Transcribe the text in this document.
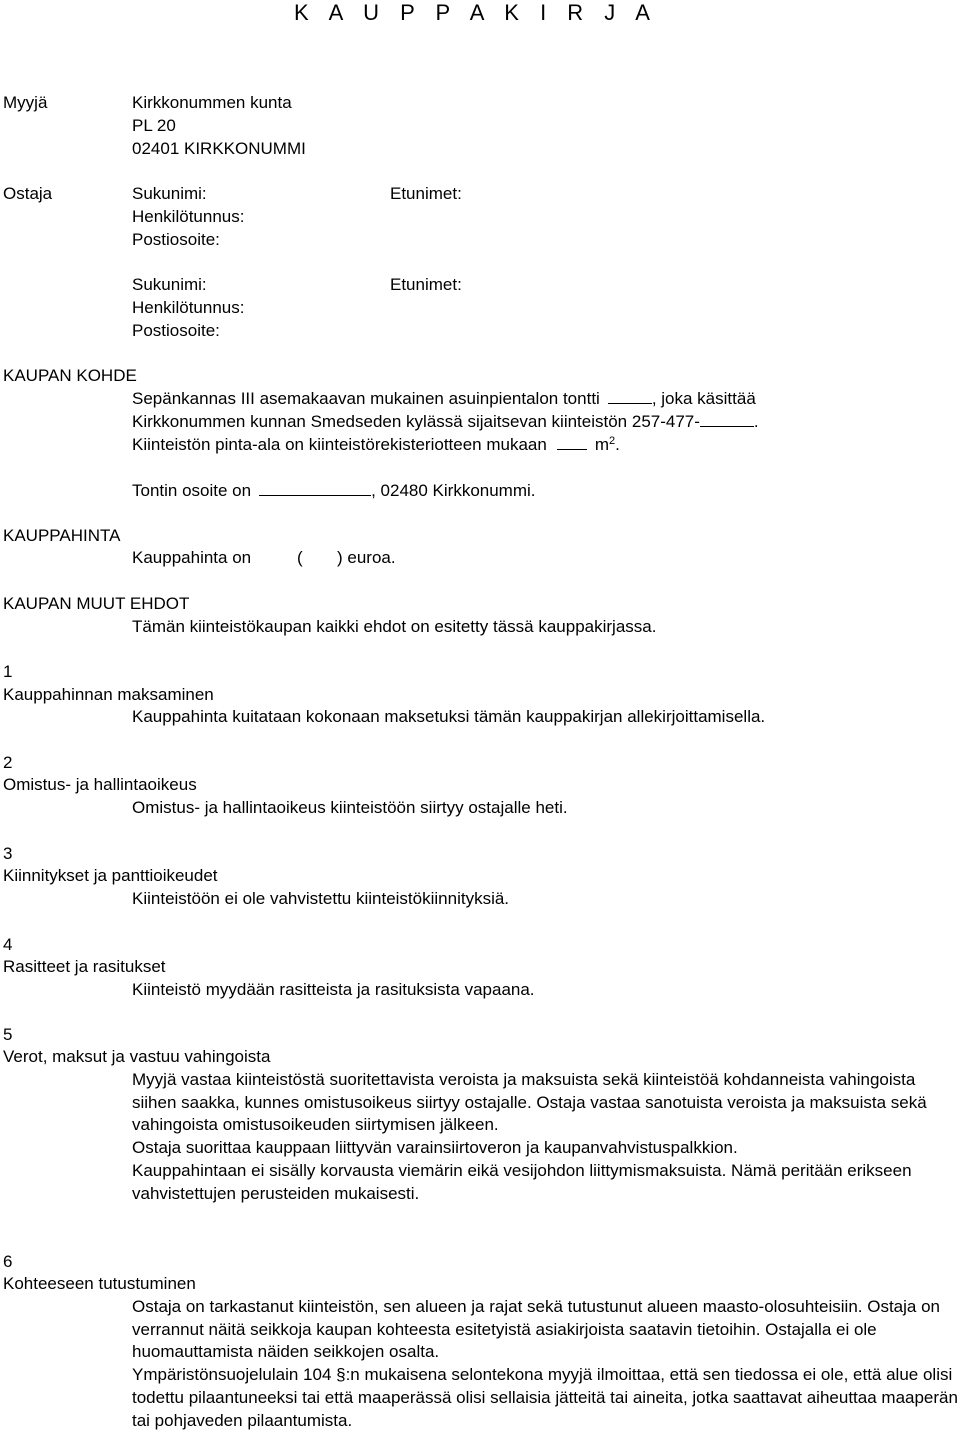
K A U P P A K I R J A
Myyjä	Kirkkonummen kunta
PL 20
02401 KIRKKONUMMI
Ostaja	Sukunimi:	Etunimet:
Henkilötunnus:
Postiosoite:
Sukunimi:	Etunimet:
Henkilötunnus:
Postiosoite:
KAUPAN KOHDE
Sepänkannas III asemakaavan mukainen asuinpientalon tontti	, joka käsittää
Kirkkonummen kunnan Smedseden kylässä sijaitsevan kiinteistön 257-477-	.
Kiinteistön pinta-ala on kiinteistörekisteriotteen mukaan	$m^2$.
Tontin osoite on	, 02480 Kirkkonummi.
KAUPPAHINTA
Kauppahinta on	( ) euroa.
KAUPAN MUUT EHDOT
Tämän kiinteistökaupan kaikki ehdot on esitetty tässä kauppakirjassa.
1
Kauppahinnan maksaminen
Kauppahinta kuitataan kokonaan maksetuksi tämän kauppakirjan allekirjoittamisella.
2
Omistus- ja hallintaoikeus
Omistus- ja hallintaoikeus kiinteistöön siirtyy ostajalle heti.
3
Kiinnitykset ja panttioikeudet
Kiinteistöön ei ole vahvistettu kiinteistökiinnityksiä.
4
Rasitteet ja rasitukset
Kiinteistö myydään rasitteista ja rasituksista vapaana.
5
Verot, maksut ja vastuu vahingoista

Myyjä vastaa kiinteistöstä suoritettavista veroista ja maksuista sekä kiinteistöä kohdanneista vahingoista siihen saakka, kunnes omistusoikeus siirtyy ostajalle. Ostaja vastaa sanotuista veroista ja maksuista sekä vahingoista omistusoikeuden siirtymisen jälkeen.

Ostaja suorittaa kauppaan liittyvän varainsiirtoveron ja kaupanvahvistuspalkkion.

Kauppahintaan ei sisälly korvausta viemärin eikä vesijohdon liittymismaksuista. Nämä peritään erikseen vahvistettujen perusteiden mukaisesti.

6
Kohteeseen tutustuminen

Ostaja on tarkastanut kiinteistön, sen alueen ja rajat sekä tutustunut alueen maasto-olosuhteisiin. Ostaja on verrannut näitä seikkoja kaupan kohteesta esitetyistä asiakirjoista saatavin tietoihin. Ostajalla ei ole huomauttamista näiden seikkojen osalta.

Ympäristönsuojelulain 104 §:n mukaisena selontekona myyjä ilmoittaa, että sen tiedossa ei ole, että alue olisi todettu pilaantuneeksi tai että maaperässä olisi sellaisia jätteitä tai aineita, jotka saattavat aiheuttaa maaperän tai pohjaveden pilaantumista.
